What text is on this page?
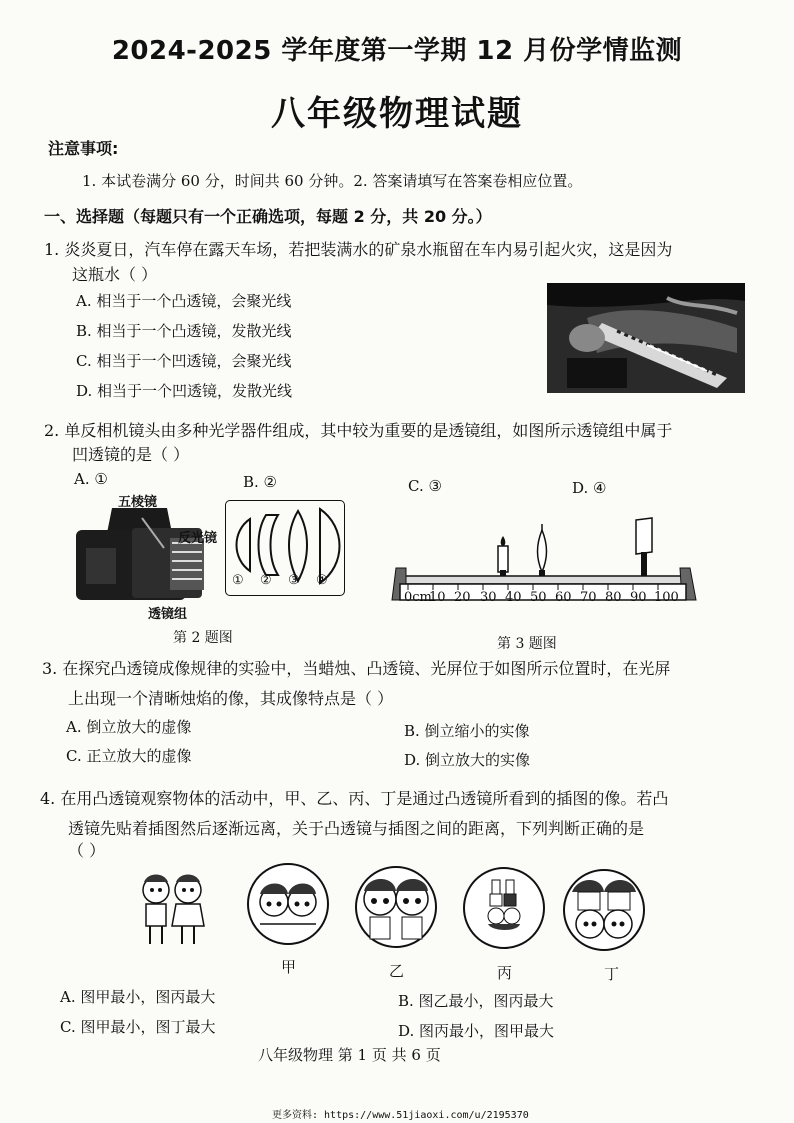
2024-2025 学年度第一学期 12 月份学情监测
八年级物理试题
注意事项:
1. 本试卷满分 60 分，时间共 60 分钟。2. 答案请填写在答案卷相应位置。
一、选择题（每题只有一个正确选项，每题 2 分，共 20 分。）
1. 炎炎夏日，汽车停在露天车场，若把装满水的矿泉水瓶留在车内易引起火灾，这是因为
这瓶水（ ）
A. 相当于一个凸透镜，会聚光线
B. 相当于一个凸透镜，发散光线
C. 相当于一个凹透镜，会聚光线
D. 相当于一个凹透镜，发散光线
2. 单反相机镜头由多种光学器件组成，其中较为重要的是透镜组，如图所示透镜组中属于
凹透镜的是（ ）
A. ①	B. ②	C. ③	D. ④
五棱镜
反光镜
透镜组
① ② ③ ④
0cm
10 20 30 40 50 60 70 80 90 100
第 2 题图	第 3 题图
3. 在探究凸透镜成像规律的实验中，当蜡烛、凸透镜、光屏位于如图所示位置时，在光屏
上出现一个清晰烛焰的像，其成像特点是（ ）
A. 倒立放大的虚像	B. 倒立缩小的实像
C. 正立放大的虚像	D. 倒立放大的实像
4. 在用凸透镜观察物体的活动中，甲、乙、丙、丁是通过凸透镜所看到的插图的像。若凸
透镜先贴着插图然后逐渐远离，关于凸透镜与插图之间的距离，下列判断正确的是
（ ）
甲	乙	丙	丁
A. 图甲最小，图丙最大	B. 图乙最小，图丙最大
C. 图甲最小，图丁最大	D. 图丙最小，图甲最大
八年级物理 第 1 页 共 6 页
更多资料: https://www.51jiaoxi.com/u/2195370
